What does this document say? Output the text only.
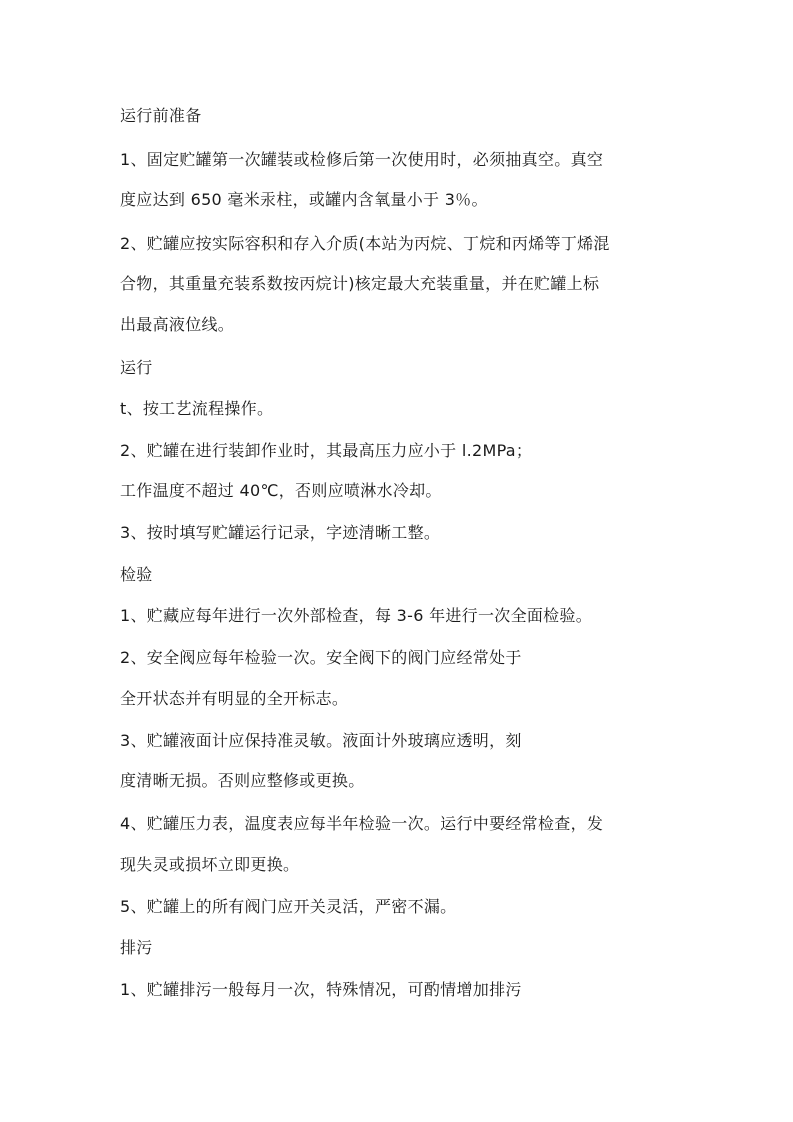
运行前准备
1、固定贮罐第一次罐装或检修后第一次使用时，必须抽真空。真空
度应达到 650 毫米汞柱，或罐内含氧量小于 3％。
2、贮罐应按实际容积和存入介质(本站为丙烷、丁烷和丙烯等丁烯混
合物，其重量充装系数按丙烷计)核定最大充装重量，并在贮罐上标
出最高液位线。
运行
t、按工艺流程操作。
2、贮罐在进行装卸作业时，其最高压力应小于 l.2MPa；
工作温度不超过 40℃，否则应喷淋水冷却。
3、按时填写贮罐运行记录，字迹清晰工整。
检验
1、贮藏应每年进行一次外部检查，每 3-6 年进行一次全面检验。
2、安全阀应每年检验一次。安全阀下的阀门应经常处于
全开状态并有明显的全开标志。
3、贮罐液面计应保持准灵敏。液面计外玻璃应透明，刻
度清晰无损。否则应整修或更换。
4、贮罐压力表，温度表应每半年检验一次。运行中要经常检查，发
现失灵或损坏立即更换。
5、贮罐上的所有阀门应开关灵活，严密不漏。
排污
1、贮罐排污一般每月一次，特殊情况，可酌情增加排污
